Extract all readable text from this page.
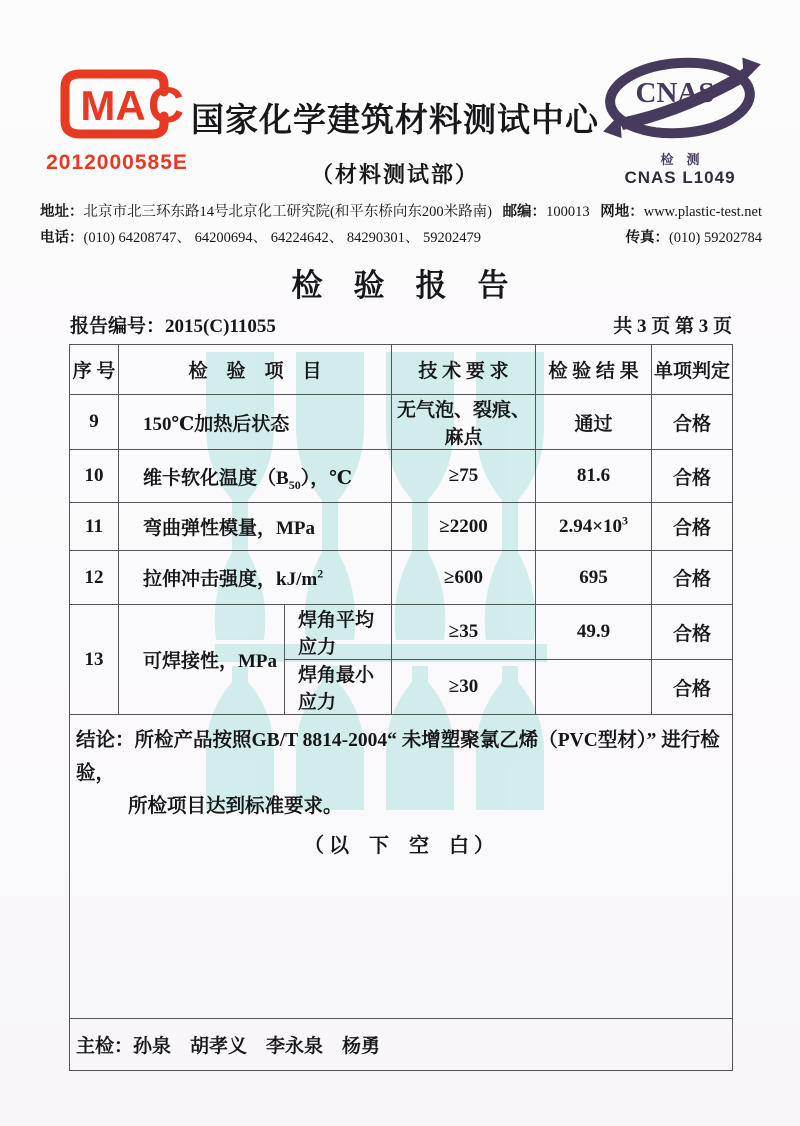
MA C
2012000585E
国家化学建筑材料测试中心
（材料测试部）
CNAS
检　测
CNAS L1049
地址：北京市北三环东路14号北京化工研究院(和平东桥向东200米路南) 邮编：100013 网地：www.plastic-test.net
电话：(010) 64208747、 64200694、 64224642、 84290301、 59202479	传真：(010) 59202784
检　验　报　告
报告编号：2015(C)11055	共 3 页 第 3 页
序 号	检　验　项　目		技 术 要 求	检 验 结 果	单项判定
9	150℃加热后状态		无气泡、裂痕、麻点	通过	合格
10	维卡软化温度$(B_{50})$，℃		≥75	81.6	合格
11	弯曲弹性模量，MPa		≥2200	$2.94\times 10^3$	合格
12	拉伸冲击强度，$kJ/m^2$		≥600	695	合格
13	可焊接性，MPa	焊角平均应力	≥35	49.9	合格
		焊角最小应力	≥30		合格

结论：所检产品按照GB/T 8814-2004“ 未增塑聚氯乙烯（PVC型材）” 进行检验，
所检项目达到标准要求。
（ 以　下　空　白 ）					

主检：孙泉　胡孝义　李永泉　杨勇					
